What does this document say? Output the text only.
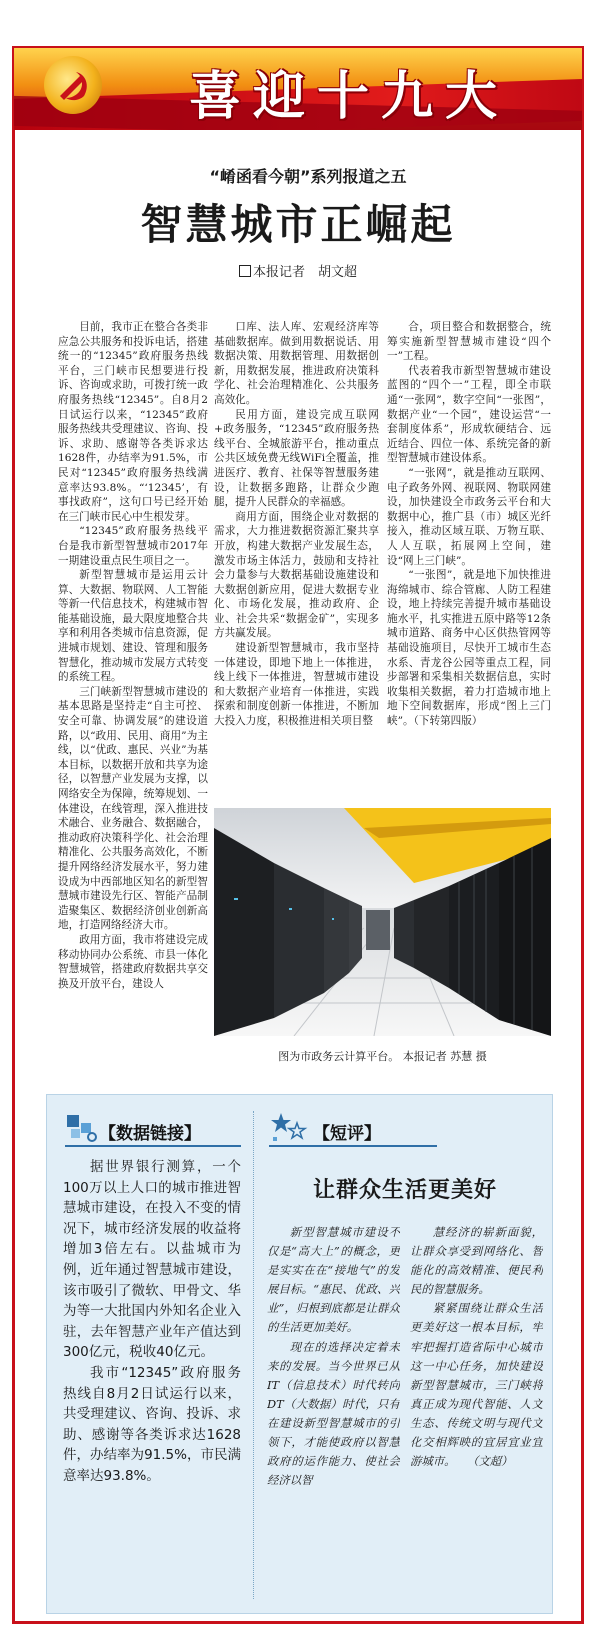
喜迎十九大
“崤函看今朝”系列报道之五
智慧城市正崛起
本报记者　 胡文超

目前，我市正在整合各类非应急公共服务和投诉电话，搭建统一的“12345”政府服务热线平台，三门峡市民想要进行投诉、咨询或求助，可拨打统一政府服务热线“12345”。自8月2日试运行以来，“12345”政府服务热线共受理建议、咨询、投诉、求助、感谢等各类诉求达1628件，办结率为91.5%，市民对“12345”政府服务热线满意率达93.8%。“‘12345’，有事找政府”，这句口号已经开始在三门峡市民心中生根发芽。

“12345”政府服务热线平台是我市新型智慧城市2017年一期建设重点民生项目之一。

新型智慧城市是运用云计算、大数据、物联网、人工智能等新一代信息技术，构建城市智能基础设施，最大限度地整合共享和利用各类城市信息资源，促进城市规划、建设、管理和服务智慧化，推动城市发展方式转变的系统工程。

三门峡新型智慧城市建设的基本思路是坚持走“自主可控、安全可靠、协调发展”的建设道路，以“政用、民用、商用”为主线，以“优政、惠民、兴业”为基本目标，以数据开放和共享为途径，以智慧产业发展为支撑，以网络安全为保障，统筹规划、一体建设，在线管理，深入推进技术融合、业务融合、数据融合，推动政府决策科学化、社会治理精准化、公共服务高效化，不断提升网络经济发展水平，努力建设成为中西部地区知名的新型智慧城市建设先行区、智能产品制造聚集区、数据经济创业创新高地，打造网络经济大市。

政用方面，我市将建设完成移动协同办公系统、市县一体化智慧城管，搭建政府数据共享交换及开放平台，建设人

口库、法人库、宏观经济库等基础数据库。做到用数据说话、用数据决策、用数据管理、用数据创新，用数据发展，推进政府决策科学化、社会治理精准化、公共服务高效化。

民用方面，建设完成互联网+政务服务，“12345”政府服务热线平台、全城旅游平台，推动重点公共区域免费无线WiFi全覆盖，推进医疗、教育、社保等智慧服务建设，让数据多跑路，让群众少跑腿，提升人民群众的幸福感。

商用方面，围绕企业对数据的需求，大力推进数据资源汇聚共享开放，构建大数据产业发展生态，激发市场主体活力，鼓励和支持社会力量参与大数据基础设施建设和大数据创新应用，促进大数据专业化、市场化发展，推动政府、企业、社会共采“数据金矿”，实现多方共赢发展。

建设新型智慧城市，我市坚持一体建设，即地下地上一体推进，线上线下一体推进，智慧城市建设和大数据产业培育一体推进，实践探索和制度创新一体推进，不断加大投入力度，积极推进相关项目整

合，项目整合和数据整合，统筹实施新型智慧城市建设“四个一”工程。

代表着我市新型智慧城市建设蓝图的“四个一”工程，即全市联通“一张网”，数字空间“一张图”，数据产业“一个园”，建设运营“一套制度体系”，形成软硬结合、远近结合、四位一体、系统完备的新型智慧城市建设体系。

“一张网”，就是推动互联网、电子政务外网、视联网、物联网建设，加快建设全市政务云平台和大数据中心，推广县（市）城区光纤接入，推动区域互联、万物互联、人人互联，拓展网上空间，建设“网上三门峡”。

“一张图”，就是地下加快推进海绵城市、综合管廊、人防工程建设，地上持续完善提升城市基础设施水平，扎实推进五原中路等12条城市道路、商务中心区供热管网等基础设施项目，尽快开工城市生态水系、青龙谷公园等重点工程，同步部署和采集相关数据信息，实时收集相关数据，着力打造城市地上地下空间数据库，形成“图上三门峡”。（下转第四版）

图为市政务云计算平台。 本报记者 苏慧 摄
【数据链接】

据世界银行测算，一个100万以上人口的城市推进智慧城市建设，在投入不变的情况下，城市经济发展的收益将增加3倍左右。以盐城市为例，近年通过智慧城市建设，该市吸引了微软、甲骨文、华为等一大批国内外知名企业入驻，去年智慧产业年产值达到300亿元，税收40亿元。

我市“12345”政府服务热线自8月2日试运行以来，共受理建议、咨询、投诉、求助、感谢等各类诉求达1628件，办结率为91.5%，市民满意率达93.8%。

【短评】
让群众生活更美好

新型智慧城市建设不仅是“高大上”的概念，更是实实在在“接地气”的发展目标。“惠民、优政、兴业”，归根到底都是让群众的生活更加美好。

现在的选择决定着未来的发展。当今世界已从IT（信息技术）时代转向DT（大数据）时代，只有在建设新型智慧城市的引领下，才能使政府以智慧政府的运作能力、使社会经济以智

慧经济的崭新面貌，让群众享受到网络化、智能化的高效精准、便民利民的智慧服务。

紧紧围绕让群众生活更美好这一根本目标，牢牢把握打造省际中心城市这一中心任务，加快建设新型智慧城市，三门峡将真正成为现代智能、人文生态、传统文明与现代文化交相辉映的宜居宜业宜游城市。　　（文超）
